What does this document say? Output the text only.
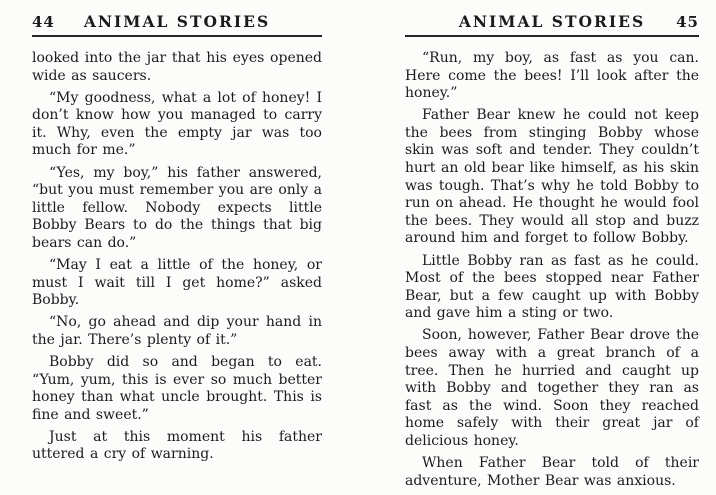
44	ANIMAL STORIES

looked into the jar that his eyes opened wide as saucers.

“My goodness, what a lot of honey! I don’t know how you managed to carry it. Why, even the empty jar was too much for me.”

“Yes, my boy,” his father answered, “but you must remember you are only a little fellow. Nobody expects little Bobby Bears to do the things that big bears can do.”

“May I eat a little of the honey, or must I wait till I get home?” asked Bobby.

“No, go ahead and dip your hand in the jar. There’s plenty of it.”

Bobby did so and began to eat. “Yum, yum, this is ever so much better honey than what uncle brought. This is fine and sweet.”

Just at this moment his father uttered a cry of warning.

ANIMAL STORIES	45

“Run, my boy, as fast as you can. Here come the bees! I’ll look after the honey.”

Father Bear knew he could not keep the bees from stinging Bobby whose skin was soft and tender. They couldn’t hurt an old bear like himself, as his skin was tough. That’s why he told Bobby to run on ahead. He thought he would fool the bees. They would all stop and buzz around him and forget to follow Bobby.

Little Bobby ran as fast as he could. Most of the bees stopped near Father Bear, but a few caught up with Bobby and gave him a sting or two.

Soon, however, Father Bear drove the bees away with a great branch of a tree. Then he hurried and caught up with Bobby and together they ran as fast as the wind. Soon they reached home safely with their great jar of delicious honey.

When Father Bear told of their adventure, Mother Bear was anxious.
